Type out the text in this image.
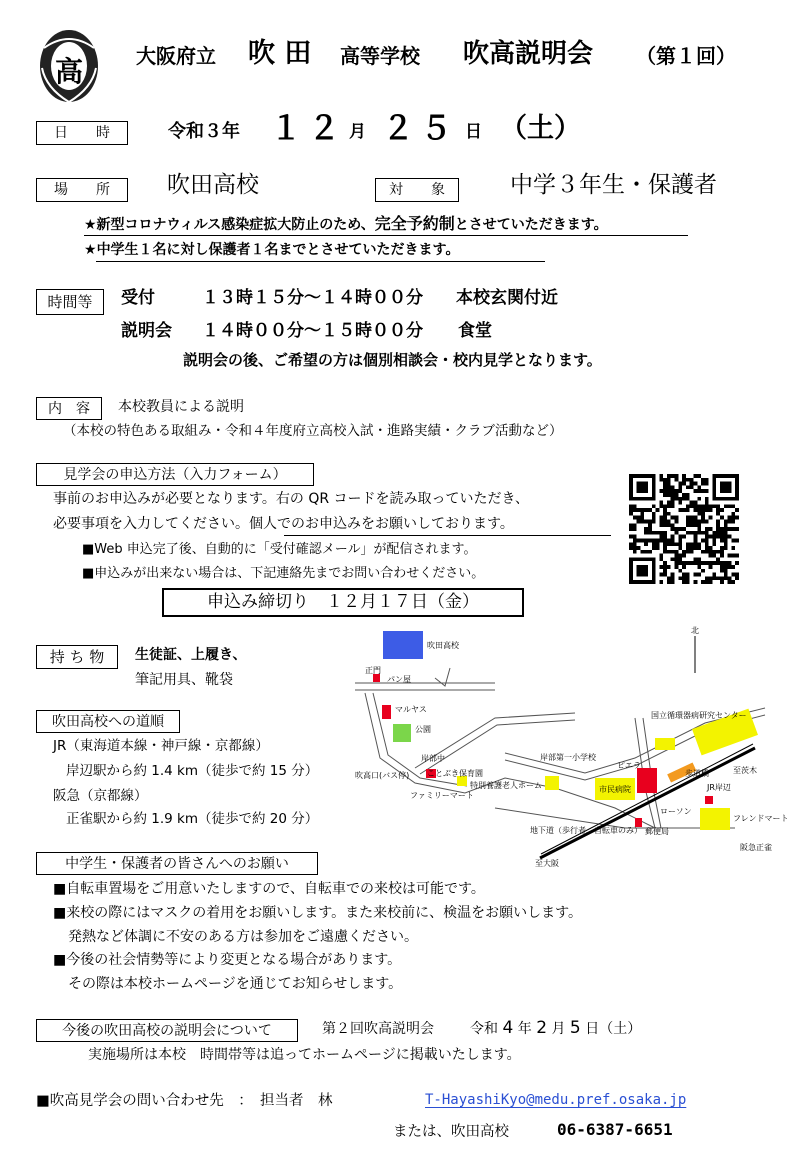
高	大阪府立 吹 田 高等学校 吹高説明会 （第１回）
日　　時	令和３年 １２ 月 ２５ 日 （土）
場　　所	吹田高校	対　　象	中学３年生・保護者
★新型コロナウィルス感染症拡大防止のため、完全予約制とさせていただきます。
★中学生１名に対し保護者１名までとさせていただきます。
時間等	受付	１３時１５分～１４時００分 本校玄関付近
説明会 １４時００分～１５時００分 食堂
説明会の後、ご希望の方は個別相談会・校内見学となります。
内　容	本校教員による説明
（本校の特色ある取組み・令和４年度府立高校入試・進路実績・クラブ活動など）
見学会の申込方法（入力フォーム）
事前のお申込みが必要となります。右の QR コードを読み取っていただき、
必要事項を入力してください。個人でのお申込みをお願いしております。
■Web 申込完了後、自動的に「受付確認メール」が配信されます。
■申込みが出来ない場合は、下記連絡先までお問い合わせください。
申込み締切り　１２月１７日（金）
持 ち 物	生徒証、上履き、
筆記用具、靴袋
吹田高校への道順
JR（東海道本線・神戸線・京都線）
岸辺駅から約 1.4 km（徒歩で約 15 分）
阪急（京都線）
正雀駅から約 1.9 km（徒歩で約 20 分）
吹田高校
北
正門
パン屋
マルヤス
公園
岸部中
吹高口(バス停)
ファミリーマート
ことぶき保育園
特別養護老人ホーム
岸部第一小学校
ピエラ
市民病院
国立循環器病研究センター
歩道橋
JR岸辺
至茨木
地下道（歩行者、自転車のみ） 郵便局
ローソン
フレンドマート
阪急正雀
至大阪
中学生・保護者の皆さんへのお願い
■自転車置場をご用意いたしますので、自転車での来校は可能です。
■来校の際にはマスクの着用をお願いします。また来校前に、検温をお願いします。
発熱など体調に不安のある方は参加をご遠慮ください。
■今後の社会情勢等により変更となる場合があります。
その際は本校ホームページを通じてお知らせします。
今後の吹田高校の説明会について	第２回吹高説明会	令和 4 年 2 月 5 日（土）
実施場所は本校　時間帯等は追ってホームページに掲載いたします。
■吹高見学会の問い合わせ先　：　担当者　林	T-HayashiKyo@medu.pref.osaka.jp
または、吹田高校	06-6387-6651
